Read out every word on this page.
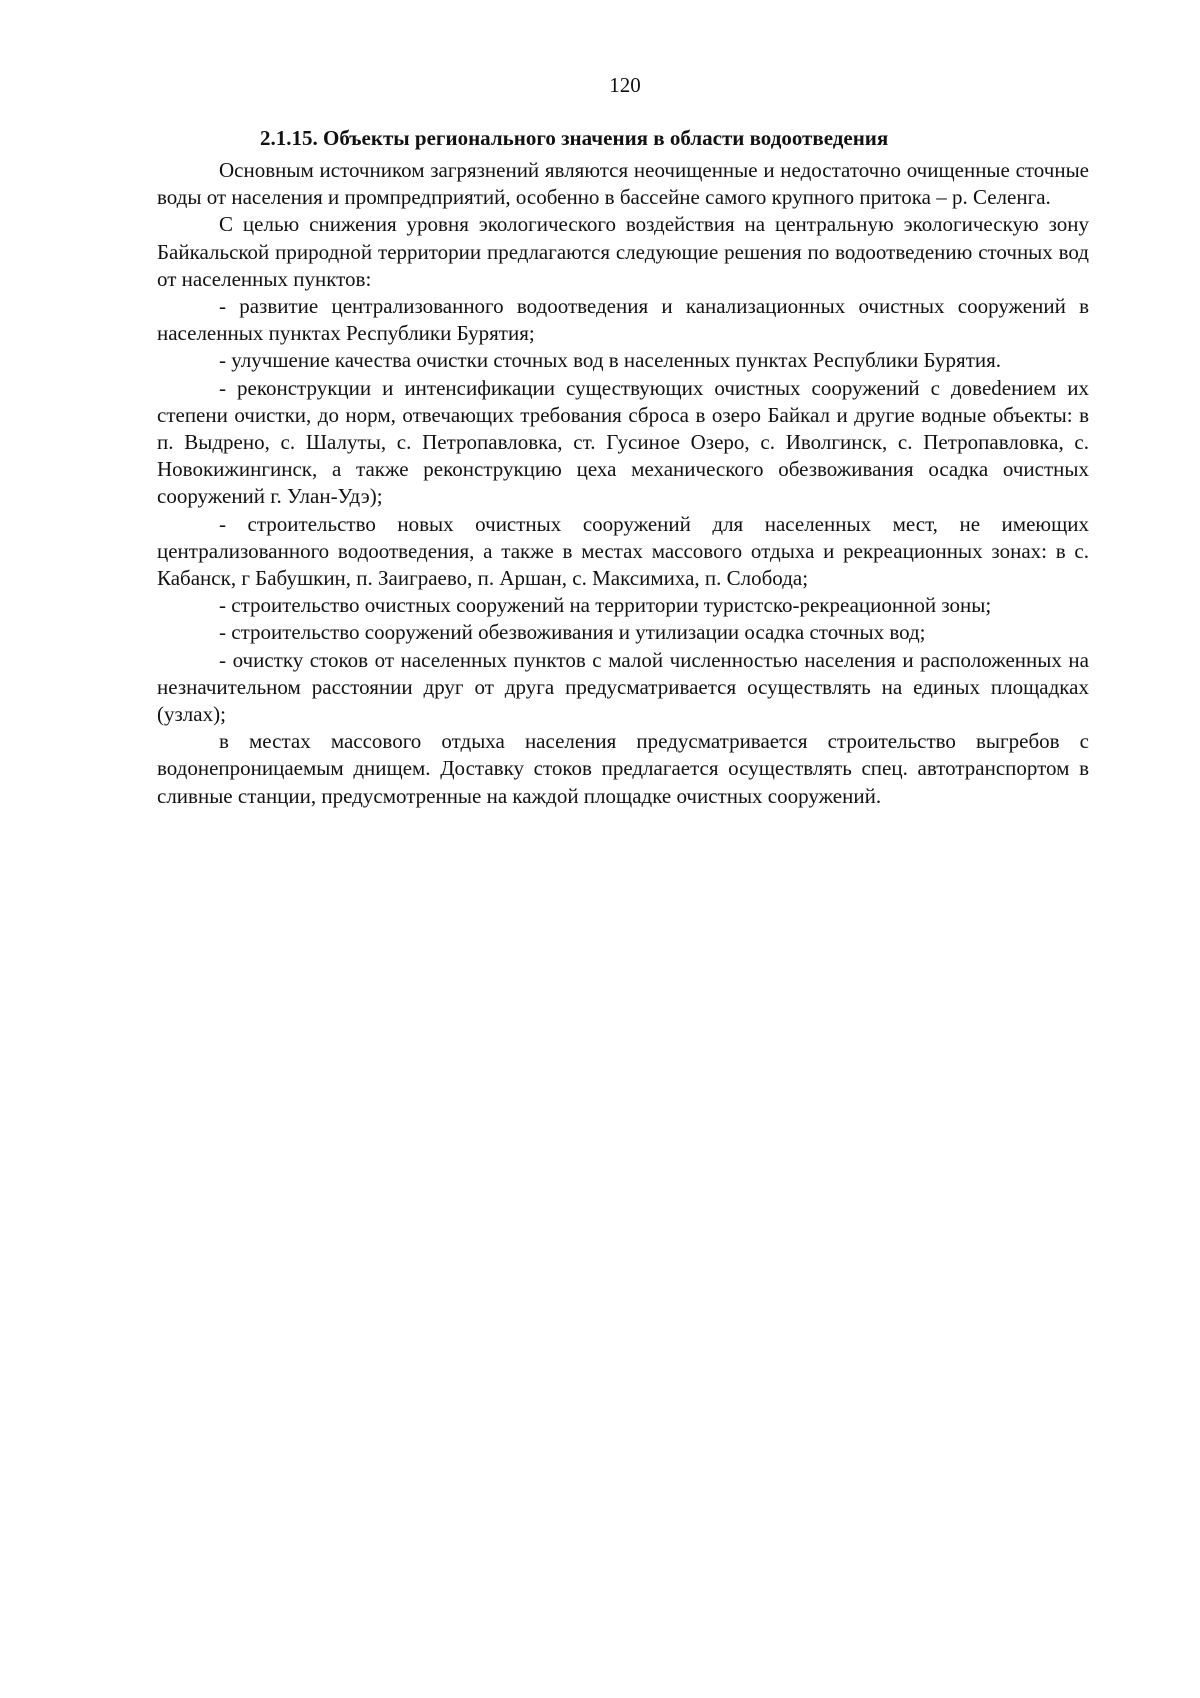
120
2.1.15. Объекты регионального значения в области водоотведения

Основным источником загрязнений являются неочищенные и недостаточно очищенные сточные воды от населения и промпредприятий, особенно в бассейне самого крупного притока – р. Селенга.

С целью снижения уровня экологического воздействия на центральную экологическую зону Байкальской природной территории предлагаются следующие решения по водоотведению сточных вод от населенных пунктов:

- развитие централизованного водоотведения и канализационных очистных сооружений в населенных пунктах Республики Бурятия;

- улучшение качества очистки сточных вод в населенных пунктах Республики Бурятия.

- реконструкции и интенсификации существующих очистных сооружений с довеdением их степени очистки, до норм, отвечающих требования сброса в озеро Байкал и другие водные объекты: в п. Выдрено, с. Шалуты, с. Петропавловка, ст. Гусиное Озеро, с. Иволгинск, с. Петропавловка, с. Новокижингинск, а также реконструкцию цеха механического обезвоживания осадка очистных сооружений г. Улан-Удэ);

- строительство новых очистных сооружений для населенных мест, не имеющих централизованного водоотведения, а также в местах массового отдыха и рекреационных зонах: в с. Кабанск, г Бабушкин, п. Заиграево, п. Аршан, с. Максимиха, п. Слобода;

- строительство очистных сооружений на территории туристско-рекреационной зоны;

- строительство сооружений обезвоживания и утилизации осадка сточных вод;

- очистку стоков от населенных пунктов с малой численностью населения и расположенных на незначительном расстоянии друг от друга предусматривается осуществлять на единых площадках (узлах);

в местах массового отдыха населения предусматривается строительство выгребов с водонепроницаемым днищем. Доставку стоков предлагается осуществлять спец. автотранспортом в сливные станции, предусмотренные на каждой площадке очистных сооружений.
